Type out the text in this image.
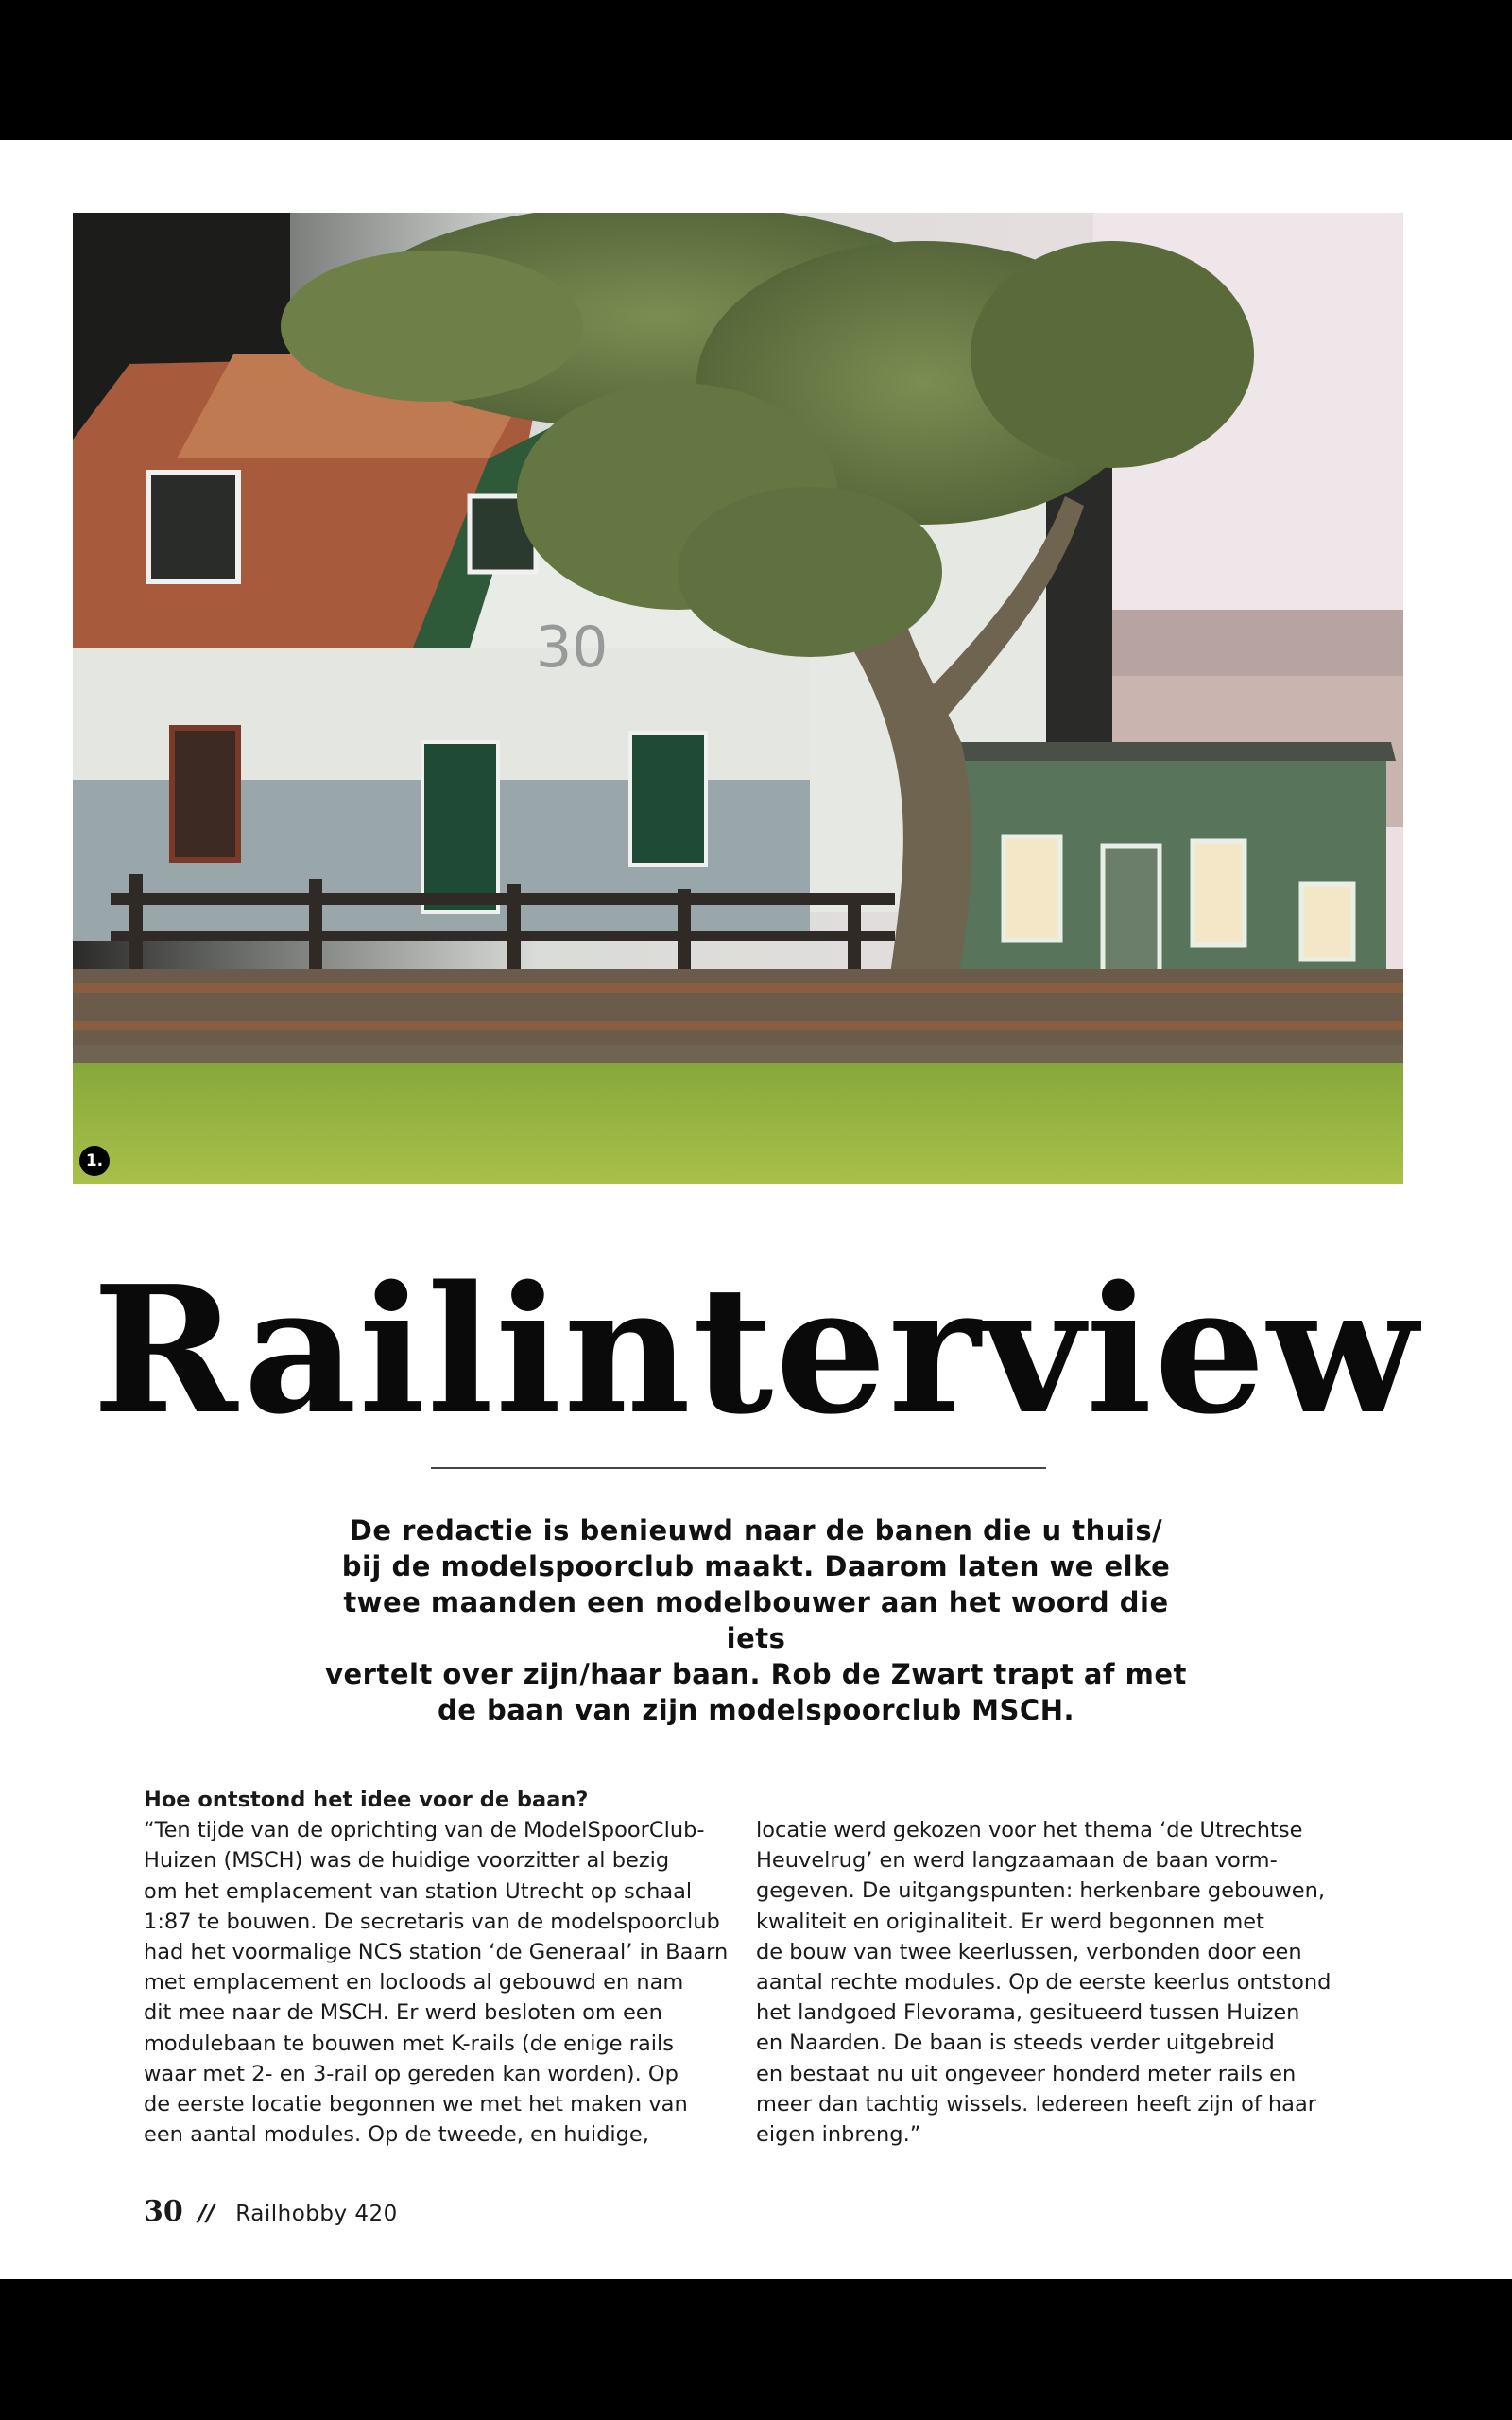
30
1.
Railinterview

De redactie is benieuwd naar de banen die u thuis/

bij de modelspoorclub maakt. Daarom laten we elke

twee maanden een modelbouwer aan het woord die iets

vertelt over zijn/haar baan. Rob de Zwart trapt af met

de baan van zijn modelspoorclub MSCH.

Hoe ontstond het idee voor de baan?

“Ten tijde van de oprichting van de ModelSpoorClub-

Huizen (MSCH) was de huidige voorzitter al bezig

om het emplacement van station Utrecht op schaal

1:87 te bouwen. De secretaris van de modelspoorclub

had het voormalige NCS station ‘de Generaal’ in Baarn

met emplacement en locloods al gebouwd en nam

dit mee naar de MSCH. Er werd besloten om een

modulebaan te bouwen met K-rails (de enige rails

waar met 2- en 3-rail op gereden kan worden). Op

de eerste locatie begonnen we met het maken van

een aantal modules. Op de tweede, en huidige,

locatie werd gekozen voor het thema ‘de Utrechtse

Heuvelrug’ en werd langzaamaan de baan vorm-

gegeven. De uitgangspunten: herkenbare gebouwen,

kwaliteit en originaliteit. Er werd begonnen met

de bouw van twee keerlussen, verbonden door een

aantal rechte modules. Op de eerste keerlus ontstond

het landgoed Flevorama, gesitueerd tussen Huizen

en Naarden. De baan is steeds verder uitgebreid

en bestaat nu uit ongeveer honderd meter rails en

meer dan tachtig wissels. Iedereen heeft zijn of haar

eigen inbreng.”

30 // Railhobby 420
